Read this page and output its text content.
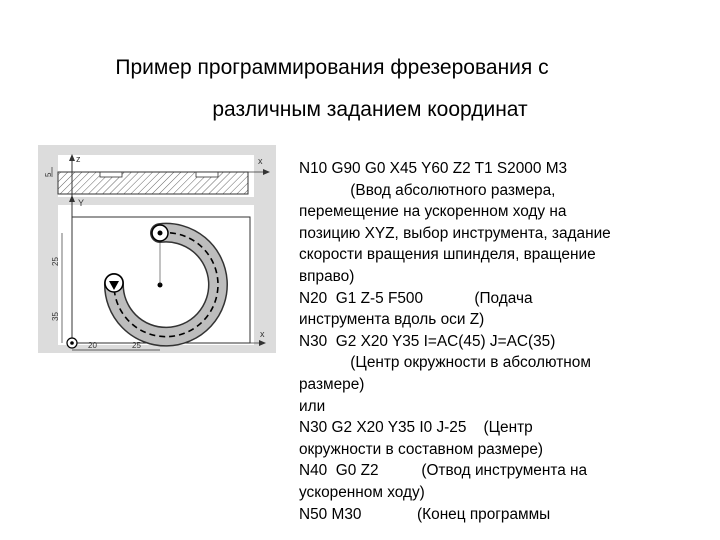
Пример программирования фрезерования с
различным заданием координат
z	x
5
Y
x
25
35
20	25
N10 G90 G0 X45 Y60 Z2 T1 S2000 M3
(Ввод абсолютного размера,
перемещение на ускоренном ходу на
позицию XYZ, выбор инструмента, задание
скорости вращения шпинделя, вращение
вправо)
N20  G1 Z-5 F500            (Подача
инструмента вдоль оси Z)
N30  G2 X20 Y35 I=AC(45) J=AC(35)
(Центр окружности в абсолютном
размере)
или
N30 G2 X20 Y35 I0 J-25    (Центр
окружности в составном размере)
N40  G0 Z2          (Отвод инструмента на
ускоренном ходу)
N50 M30             (Конец программы
